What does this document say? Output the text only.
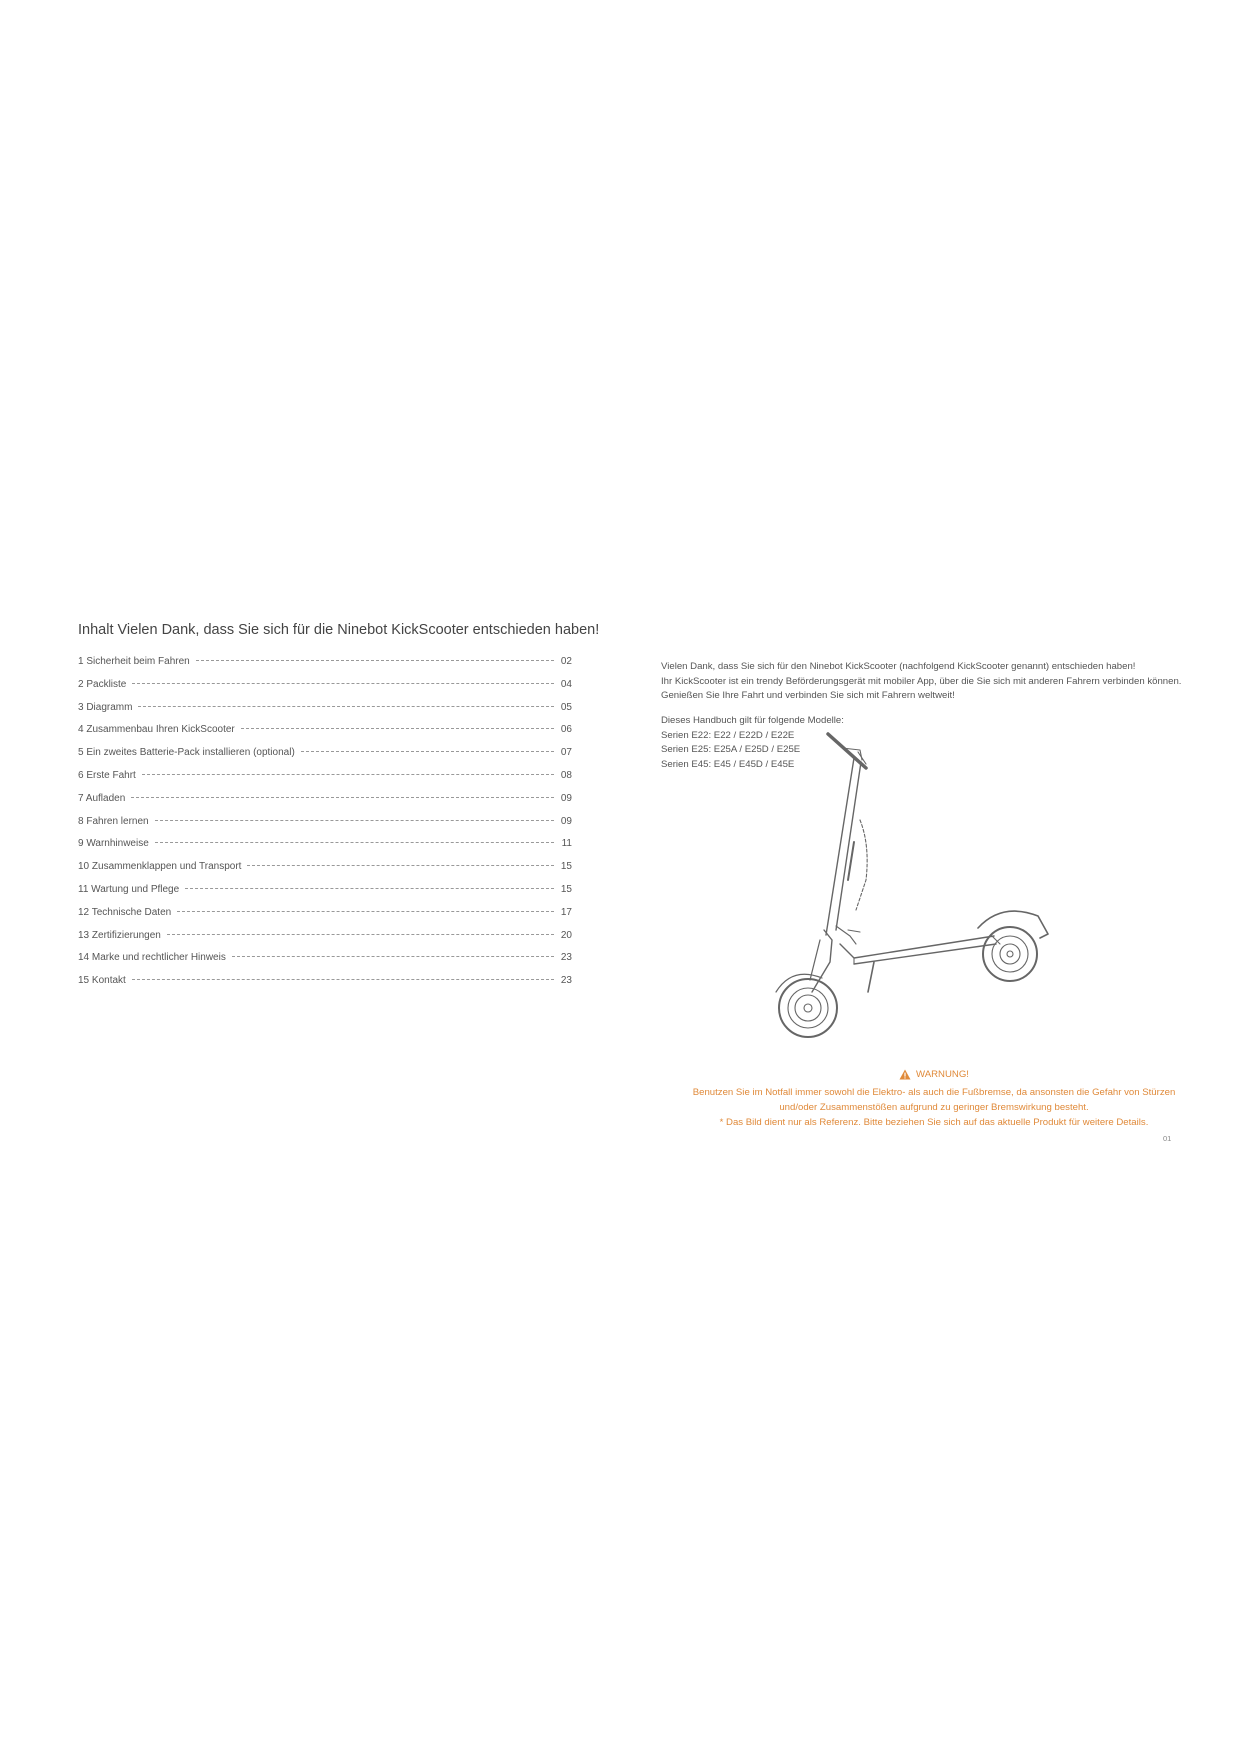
Inhalt Vielen Dank, dass Sie sich für die Ninebot KickScooter entschieden haben!
1 Sicherheit beim Fahren	02
2 Packliste	04
3 Diagramm	05
4 Zusammenbau Ihren KickScooter	06
5 Ein zweites Batterie-Pack installieren (optional)	07
6 Erste Fahrt	08
7 Aufladen	09
8 Fahren lernen	09
9 Warnhinweise	11
10 Zusammenklappen und Transport	15
11 Wartung und Pflege	15
12 Technische Daten	17
13 Zertifizierungen	20
14 Marke und rechtlicher Hinweis	23
15 Kontakt	23

Vielen Dank, dass Sie sich für den Ninebot KickScooter (nachfolgend KickScooter genannt) entschieden haben!

Ihr KickScooter ist ein trendy Beförderungsgerät mit mobiler App, über die Sie sich mit anderen Fahrern verbinden können.

Genießen Sie Ihre Fahrt und verbinden Sie sich mit Fahrern weltweit!

Dieses Handbuch gilt für folgende Modelle:

Serien E22: E22 / E22D / E22E

Serien E25: E25A / E25D / E25E

Serien E45: E45 / E45D / E45E

WARNUNG!

Benutzen Sie im Notfall immer sowohl die Elektro- als auch die Fußbremse, da ansonsten die Gefahr von Stürzen

und/oder Zusammenstößen aufgrund zu geringer Bremswirkung besteht.

* Das Bild dient nur als Referenz. Bitte beziehen Sie sich auf das aktuelle Produkt für weitere Details.

01
